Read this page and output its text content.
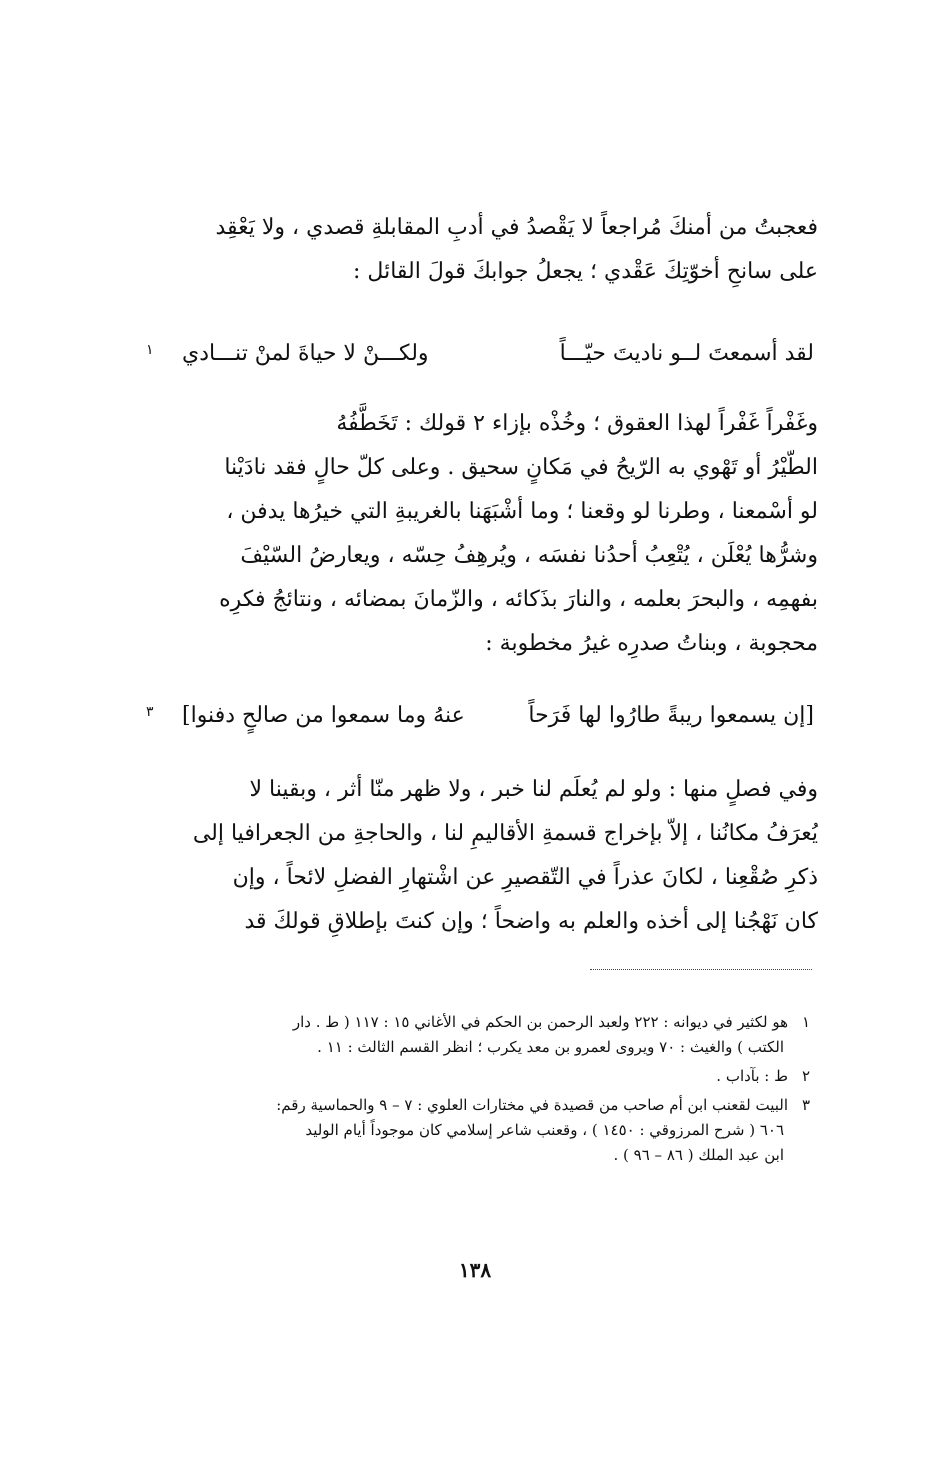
فعجبتُ من أمنكَ مُراجعاً لا يَقْصدُ في أدبِ المقابلةِ قصدي ، ولا يَعْقِد
على سانحِ أخوّتِكَ عَقْدي ؛ يجعلُ جوابكَ قولَ القائل :
لقد أسمعتَ لــو ناديتَ حيّـــاً
ولكـــنْ لا حياةَ لمنْ تنـــادي
١
وغَفْراً غَفْراً لهذا العقوق ؛ وخُذْه بإزاء ٢ قولك : تَخَطَّفُهُ
الطّيْرُ أو تَهْوي به الرّيحُ في مَكانٍ سحيق . وعلى كلّ حالٍ فقد نادَيْنا
لو أسْمعنا ، وطرنا لو وقعنا ؛ وما أشْبَهَنا بالغريبةِ التي خيرُها يدفن ،
وشرُّها يُعْلَن ، يُتْعِبُ أحدُنا نفسَه ، ويُرهِفُ حِسّه ، ويعارضُ السّيْفَ
بفهمِه ، والبحرَ بعلمه ، والنارَ بذَكائه ، والزّمانَ بمضائه ، ونتائجُ فكرِه
محجوبة ، وبناتُ صدرِه غيرُ مخطوبة :
[إن يسمعوا ريبةً طارُوا لها فَرَحاً
عنهُ وما سمعوا من صالحٍ دفنوا]
٣
وفي فصلٍ منها : ولو لم يُعلَم لنا خبر ، ولا ظهر منّا أثر ، وبقينا لا
يُعرَفُ مكانُنا ، إلاّ بإخراج قسمةِ الأقاليمِ لنا ، والحاجةِ من الجعرافيا إلى
ذكرِ صُقْعِنا ، لكانَ عذراً في التّقصيرِ عن اشْتهارِ الفضلِ لائحاً ، وإن
كان نَهْجُنا إلى أخذه والعلم به واضحاً ؛ وإن كنتَ بإطلاقِ قولكَ قد
١هو لكثير في ديوانه : ٢٢٢ ولعبد الرحمن بن الحكم في الأغاني ١٥ : ١١٧ ( ط . دار
الكتب ) والغيث : ٧٠ ويروى لعمرو بن معد يكرب ؛ انظر القسم الثالث : ١١ .
٢ط : بآداب .
٣البيت لقعنب ابن أم صاحب من قصيدة في مختارات العلوي : ٧ – ٩ والحماسية رقم:
٦٠٦ ( شرح المرزوقي : ١٤٥٠ ) ، وقعنب شاعر إسلامي كان موجوداً أيام الوليد
ابن عبد الملك ( ٨٦ – ٩٦ ) .
١٣٨
